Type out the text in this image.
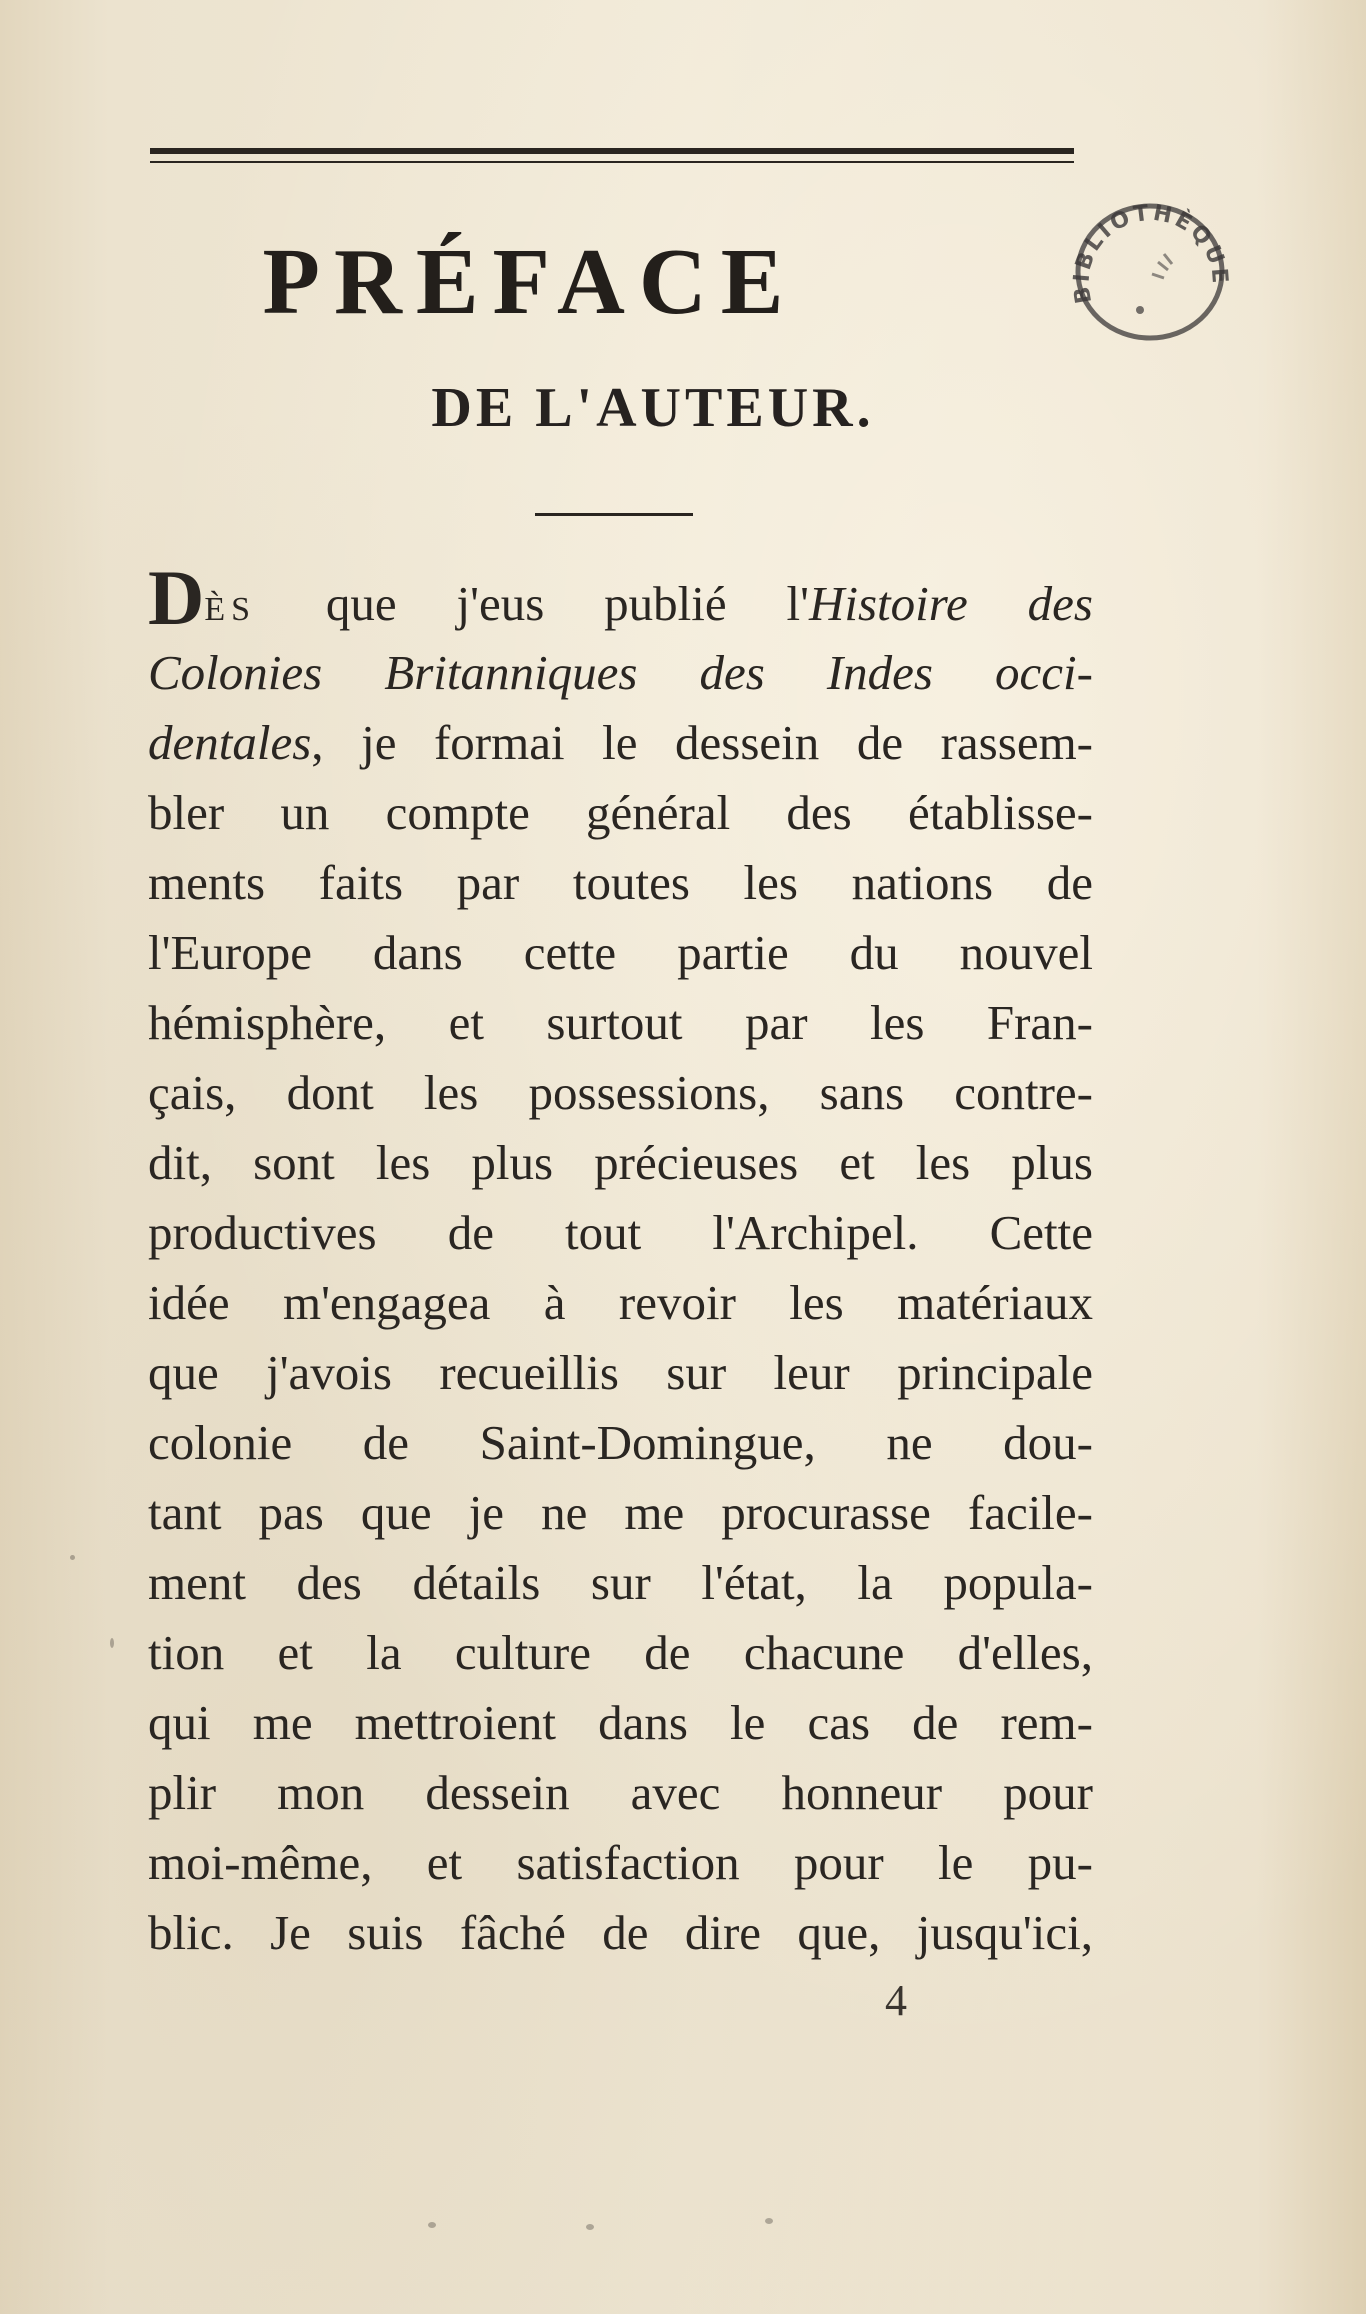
PRÉFACE
DE L'AUTEUR.
BIBLIOTHÈQUE
DÈS que j'eus publié l'Histoire des
Colonies Britanniques des Indes occi-
dentales, je formai le dessein de rassem-
bler un compte général des établisse-
ments faits par toutes les nations de
l'Europe dans cette partie du nouvel
hémisphère, et surtout par les Fran-
çais, dont les possessions, sans contre-
dit, sont les plus précieuses et les plus
productives de tout l'Archipel. Cette
idée m'engagea à revoir les matériaux
que j'avois recueillis sur leur principale
colonie de Saint-Domingue, ne dou-
tant pas que je ne me procurasse facile-
ment des détails sur l'état, la popula-
tion et la culture de chacune d'elles,
qui me mettroient dans le cas de rem-
plir mon dessein avec honneur pour
moi-même, et satisfaction pour le pu-
blic. Je suis fâché de dire que, jusqu'ici,
4
